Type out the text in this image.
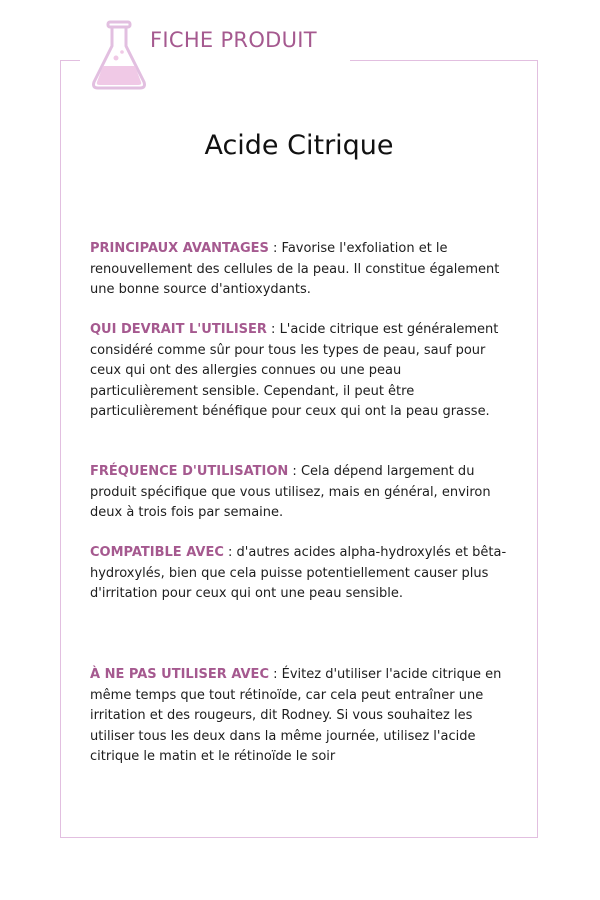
FICHE PRODUIT
Acide Citrique
PRINCIPAUX AVANTAGES : Favorise l'exfoliation et le renouvellement des cellules de la peau. Il constitue également une bonne source d'antioxydants.
QUI DEVRAIT L'UTILISER : L'acide citrique est généralement considéré comme sûr pour tous les types de peau, sauf pour ceux qui ont des allergies connues ou une peau particulièrement sensible. Cependant, il peut être particulièrement bénéfique pour ceux qui ont la peau grasse.
FRÉQUENCE D'UTILISATION : Cela dépend largement du produit spécifique que vous utilisez, mais en général, environ deux à trois fois par semaine.
COMPATIBLE AVEC : d'autres acides alpha-hydroxylés et bêta-hydroxylés, bien que cela puisse potentiellement causer plus d'irritation pour ceux qui ont une peau sensible.
À NE PAS UTILISER AVEC : Évitez d'utiliser l'acide citrique en même temps que tout rétinoïde, car cela peut entraîner une irritation et des rougeurs, dit Rodney. Si vous souhaitez les utiliser tous les deux dans la même journée, utilisez l'acide citrique le matin et le rétinoïde le soir
